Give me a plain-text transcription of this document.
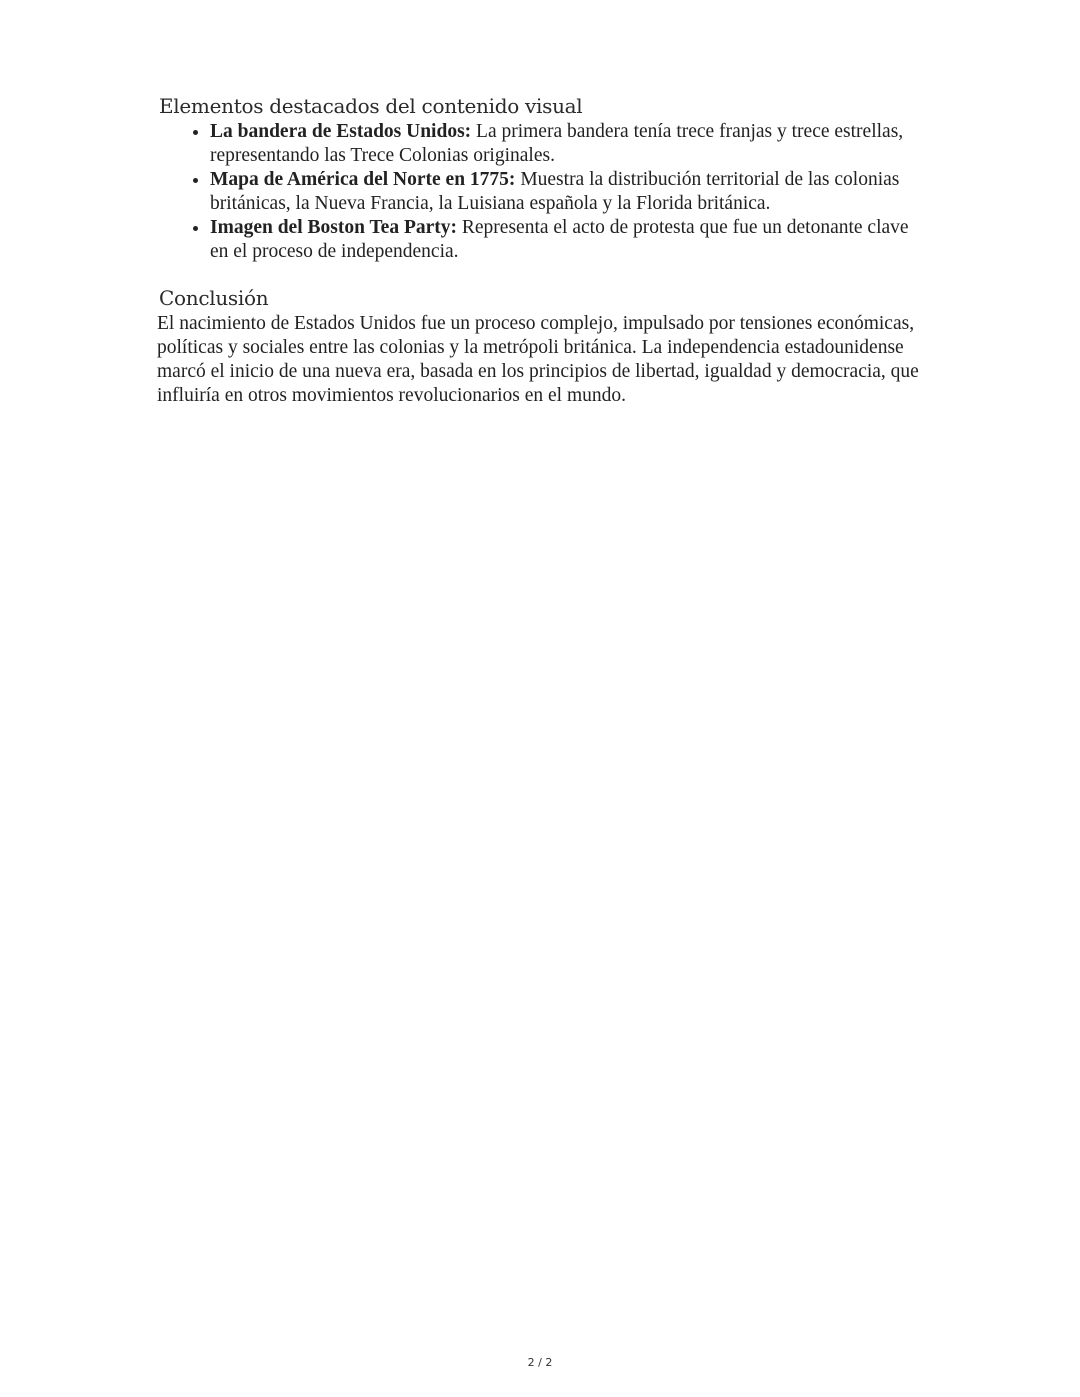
Elementos destacados del contenido visual
• La bandera de Estados Unidos: La primera bandera tenía trece franjas y trece estrellas, representando las Trece Colonias originales.
• Mapa de América del Norte en 1775: Muestra la distribución territorial de las colonias británicas, la Nueva Francia, la Luisiana española y la Florida británica.
• Imagen del Boston Tea Party: Representa el acto de protesta que fue un detonante clave en el proceso de independencia.
Conclusión

El nacimiento de Estados Unidos fue un proceso complejo, impulsado por tensiones económicas, políticas y sociales entre las colonias y la metrópoli británica. La independencia estadounidense marcó el inicio de una nueva era, basada en los principios de libertad, igualdad y democracia, que influiría en otros movimientos revolucionarios en el mundo.

2 / 2
